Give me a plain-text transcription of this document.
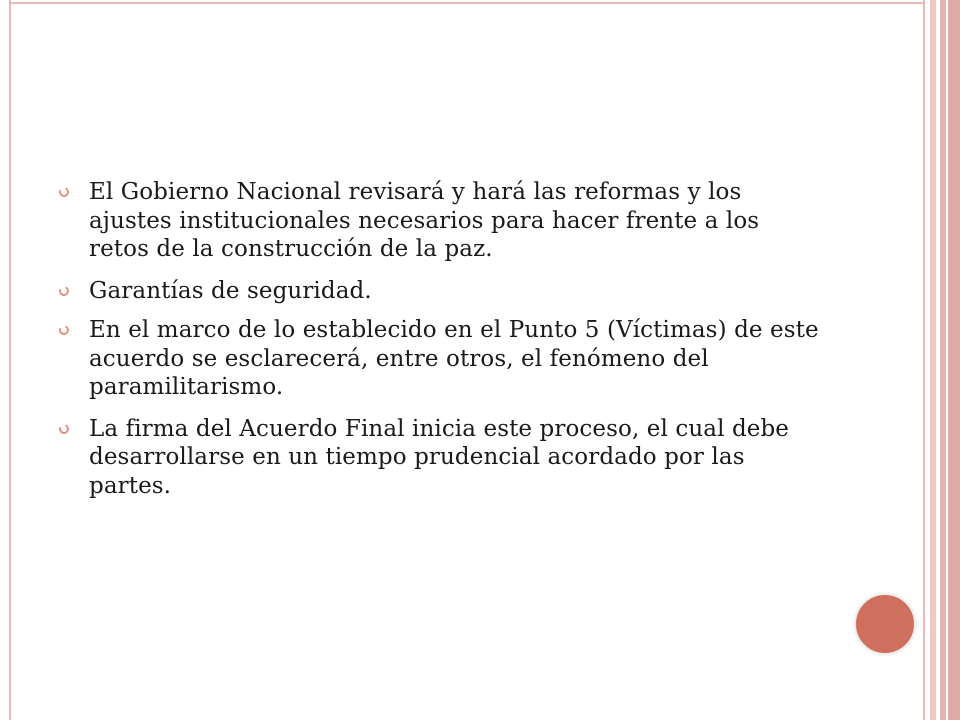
El Gobierno Nacional revisará y hará las reformas y los ajustes institucionales necesarios para hacer frente a los retos de la construcción de la paz.
Garantías de seguridad.
En el marco de lo establecido en el Punto 5 (Víctimas) de este acuerdo se esclarecerá, entre otros, el fenómeno del paramilitarismo.
La firma del Acuerdo Final inicia este proceso, el cual debe desarrollarse en un tiempo prudencial acordado por las partes.
